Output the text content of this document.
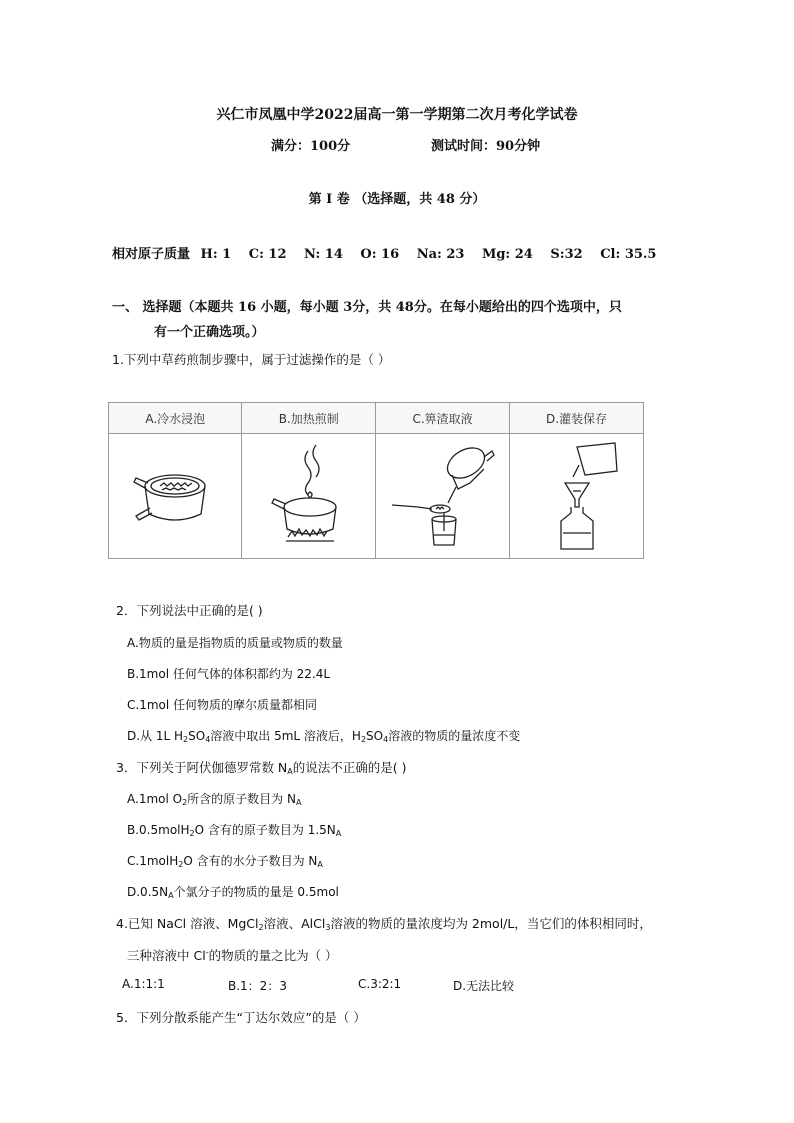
兴仁市凤凰中学2022届高一第一学期第二次月考化学试卷
满分：100分	测试时间：90分钟
第 I 卷 （选择题，共 48 分）
相对原子质量 H: 1 C: 12 N: 14 O: 16 Na: 23 Mg: 24 S:32 Cl: 35.5
一、 选择题（本题共 16 小题，每小题 3分，共 48分。在每小题给出的四个选项中，只
有一个正确选项。）
1.下列中草药煎制步骤中，属于过滤操作的是（ ）
A.冷水浸泡	B.加热煎制	C.箅渣取液	D.灌装保存

2．下列说法中正确的是( )
A.物质的量是指物质的质量或物质的数量
B.1mol 任何气体的体积都约为 22.4L
C.1mol 任何物质的摩尔质量都相同
D.从 1L $H_2SO_4$溶液中取出 5mL 溶液后，$H_2SO_4$溶液的物质的量浓度不变
3．下列关于阿伏伽德罗常数 $N_A$的说法不正确的是( )
A.1mol $O_2$所含的原子数目为 $N_A$
B.0.5molH$_2$O 含有的原子数目为 $1.5N_A$
C.1molH$_2$O 含有的水分子数目为 $N_A$
$D.0.5N_A$个氯分子的物质的量是 0.5mol
4.已知 NaCl 溶液、MgCl$_2$溶液、AlCl$_3$溶液的物质的量浓度均为 2mol/L，当它们的体积相同时，
三种溶液中 Cl-的物质的量之比为（ ）
A.1:1:1	B.1：2：3	C.3:2:1	D.无法比较
5．下列分散系能产生“丁达尔效应”的是（ ）
